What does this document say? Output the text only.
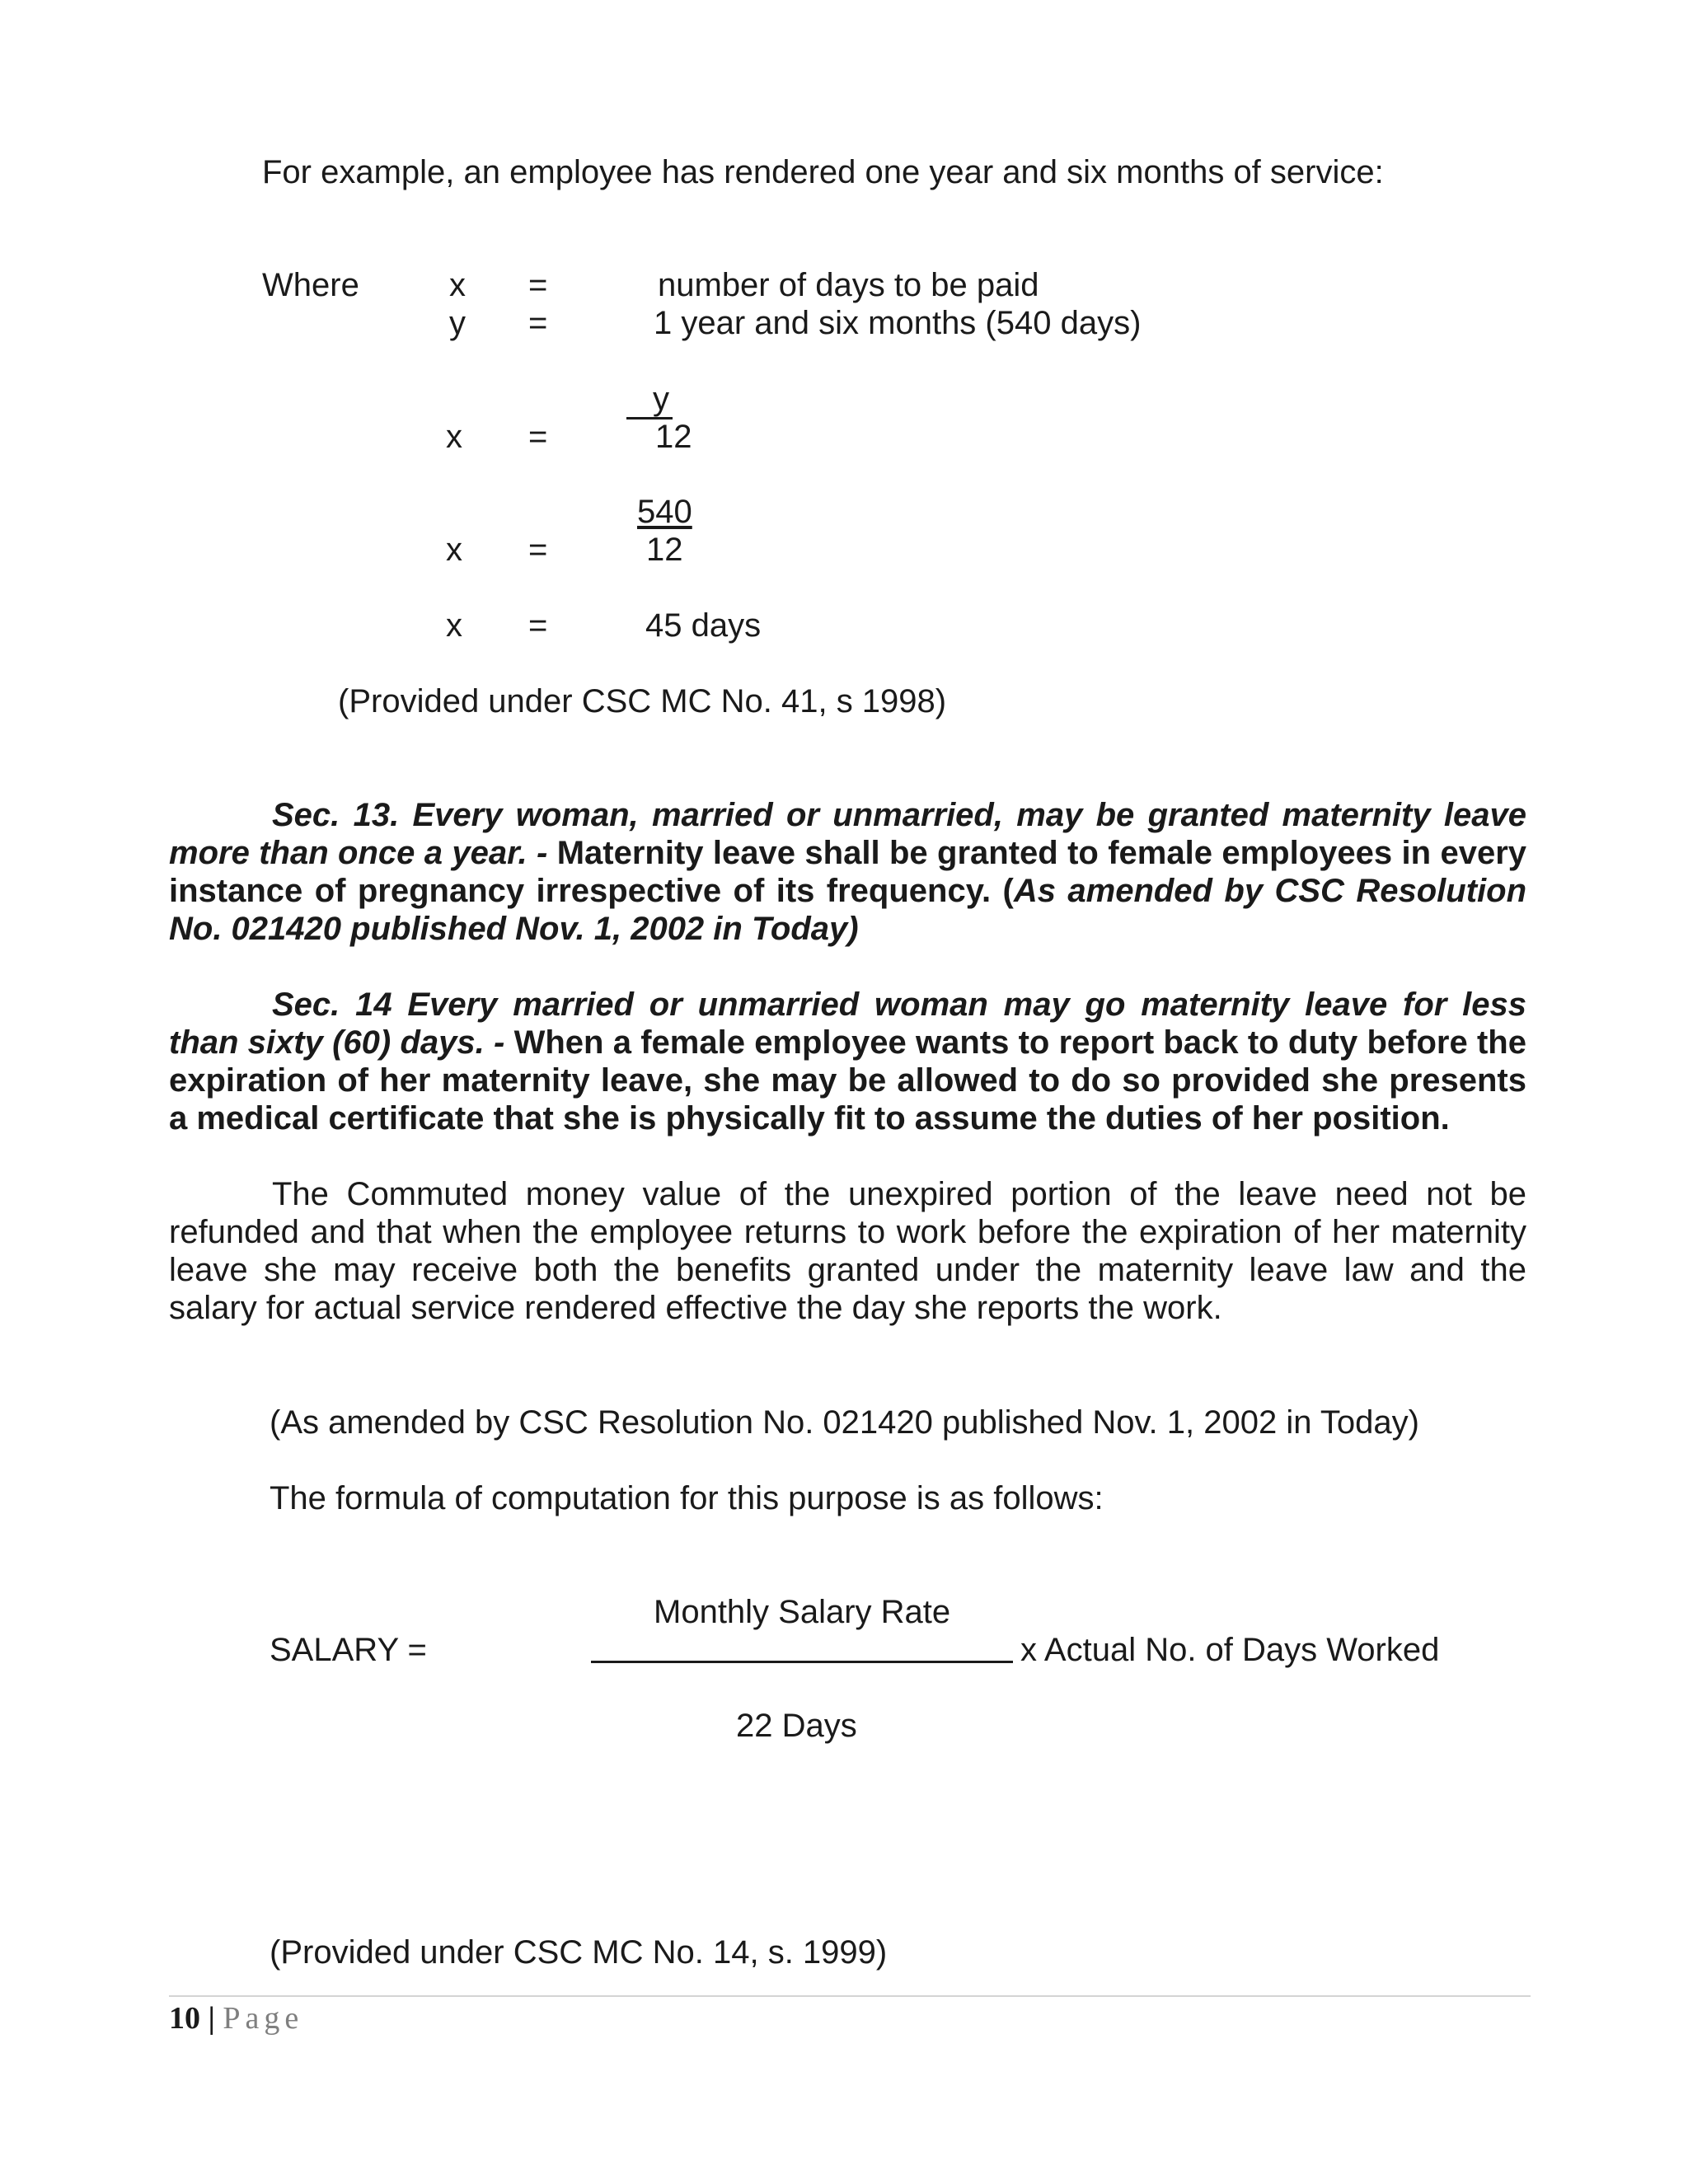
For example, an employee has rendered one year and six months of service:
Where	x =	number of days to be paid
y =	1 year and six months (540 days)
y
x =	12
540
x =	12
x =	45 days
(Provided under CSC MC No. 41, s 1998)
Sec. 13. Every woman, married or unmarried, may be granted maternity leave more than once a year. - Maternity leave shall be granted to female employees in every instance of pregnancy irrespective of its frequency. (As amended by CSC Resolution No. 021420 published Nov. 1, 2002 in Today)
Sec. 14 Every married or unmarried woman may go maternity leave for less than sixty (60) days. - When a female employee wants to report back to duty before the expiration of her maternity leave, she may be allowed to do so provided she presents a medical certificate that she is physically fit to assume the duties of her position.
The Commuted money value of the unexpired portion of the leave need not be refunded and that when the employee returns to work before the expiration of her maternity leave she may receive both the benefits granted under the maternity leave law and the salary for actual service rendered effective the day she reports the work.
(As amended by CSC Resolution No. 021420 published Nov. 1, 2002 in Today)
The formula of computation for this purpose is as follows:
Monthly Salary Rate
SALARY =	x Actual No. of Days Worked
22 Days
(Provided under CSC MC No. 14, s. 1999)
10 | Page
